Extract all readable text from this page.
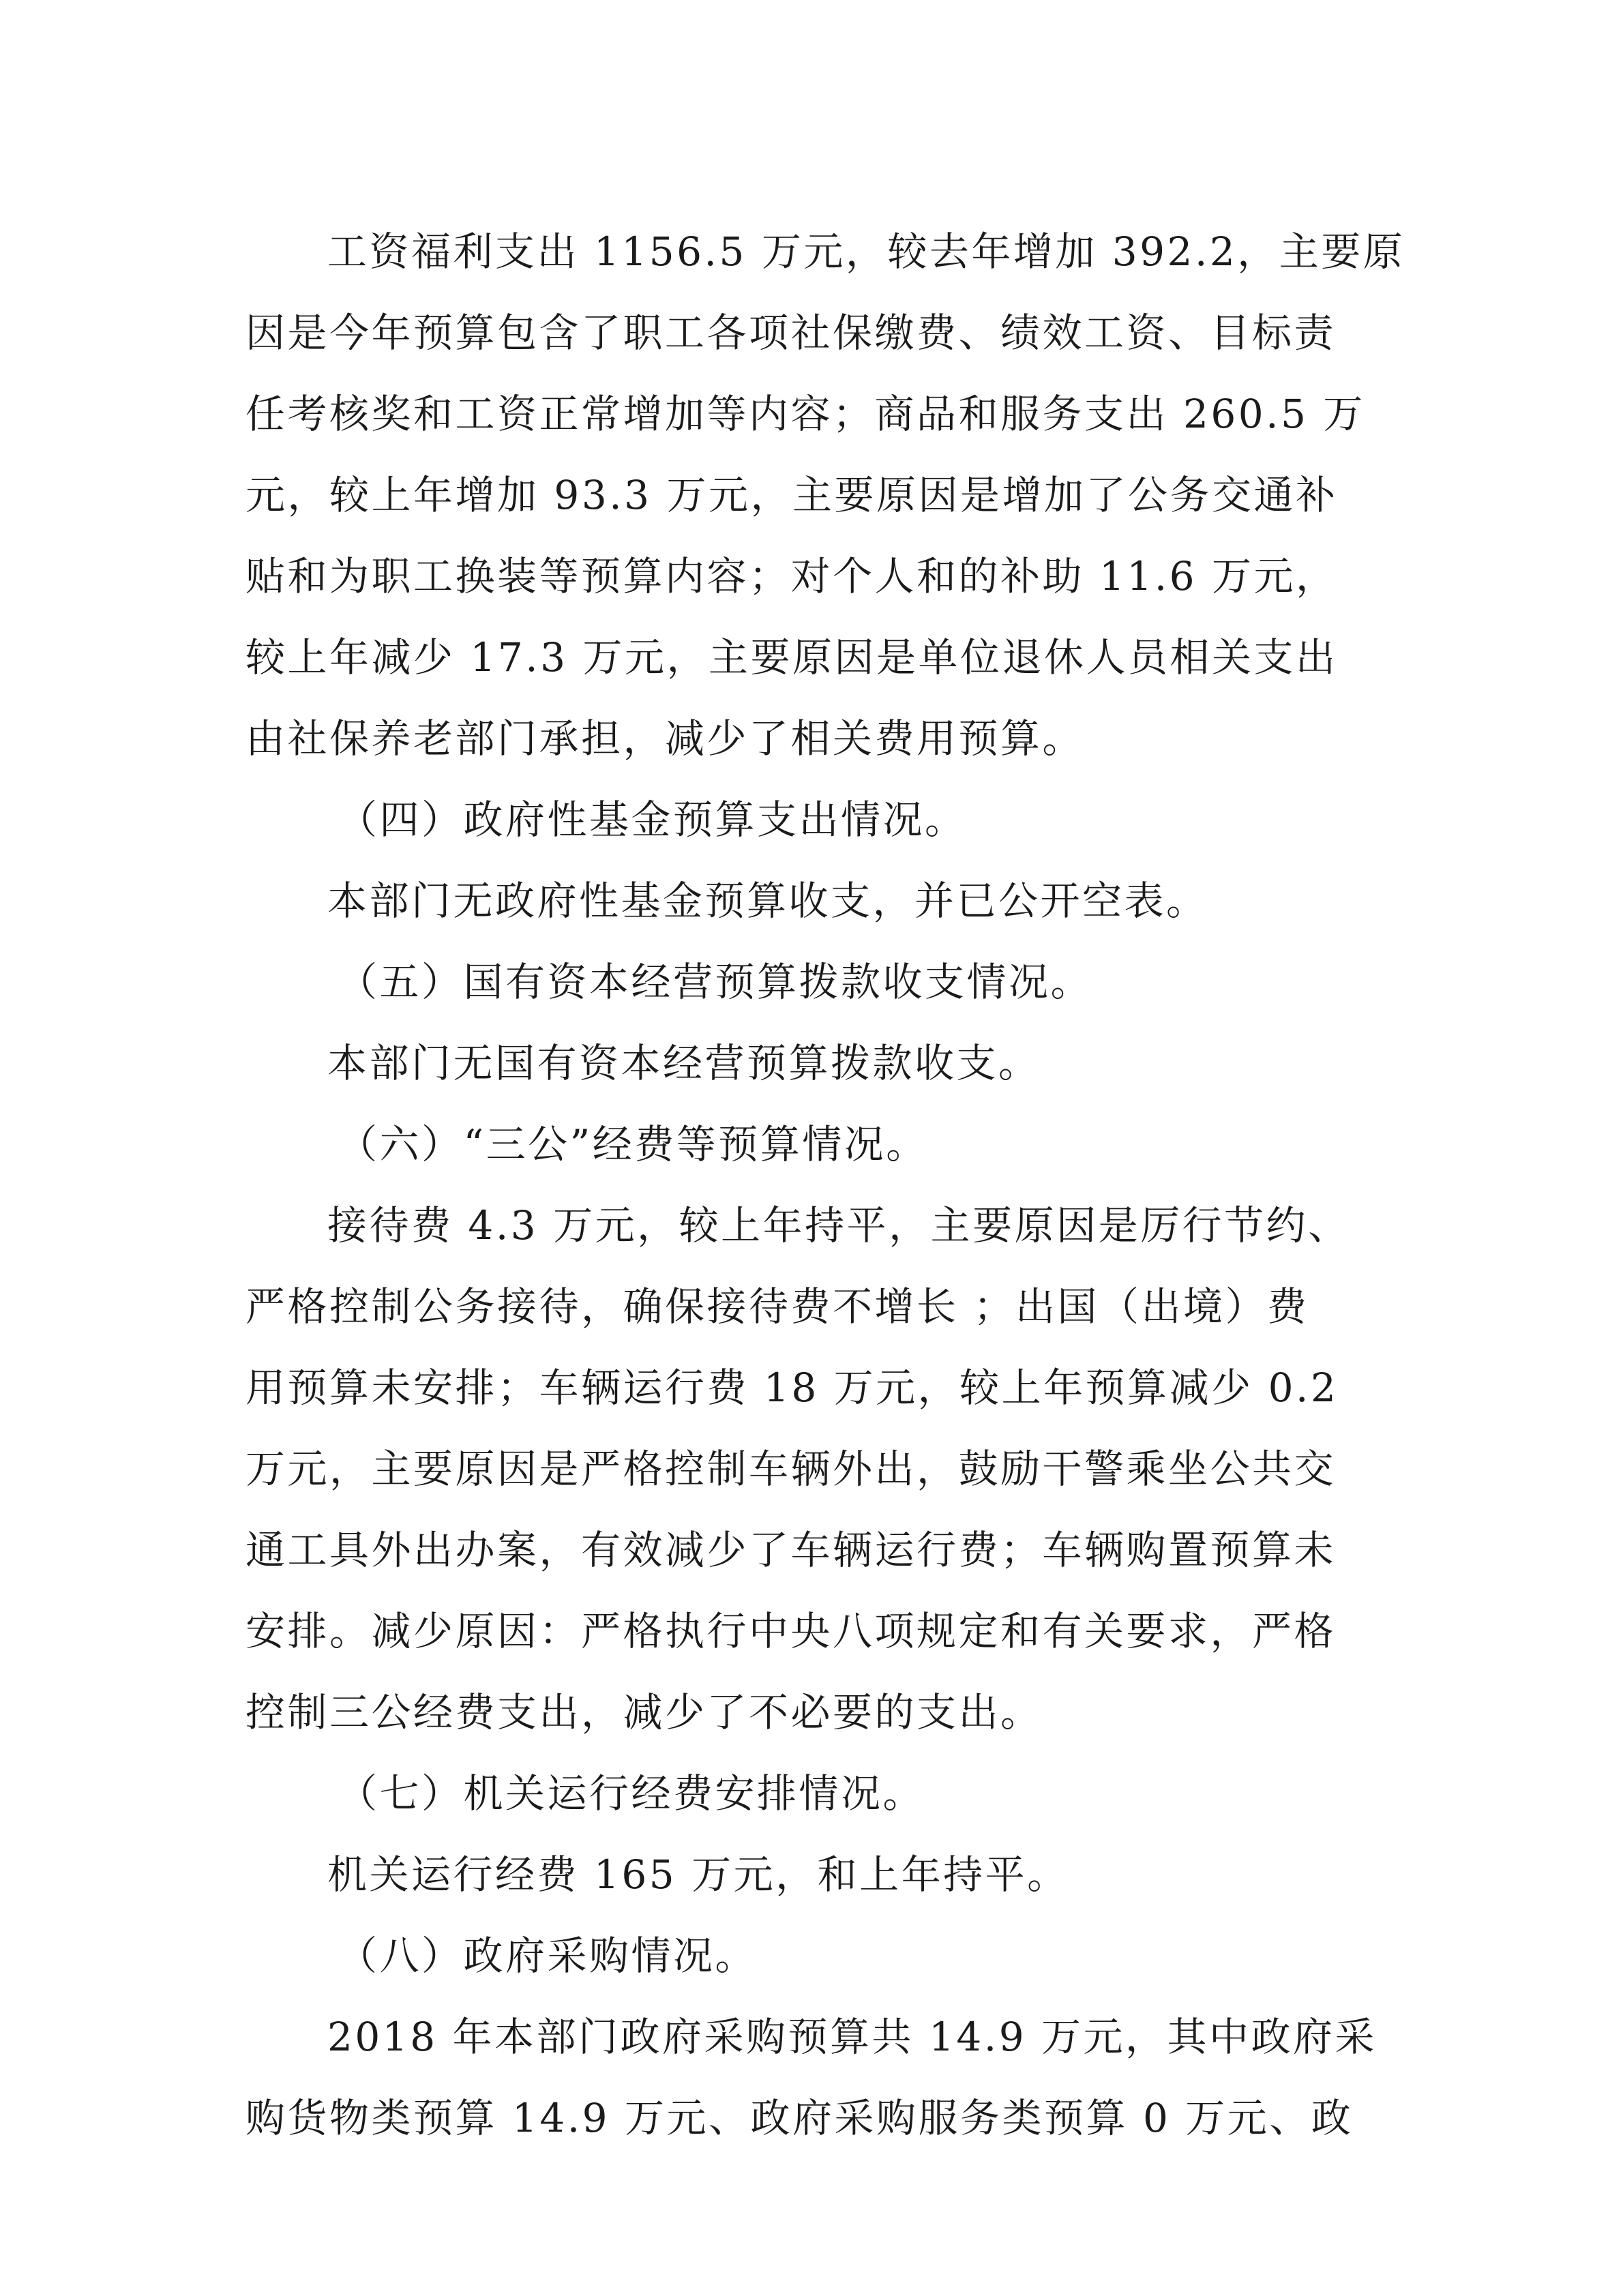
工资福利支出 1156.5 万元，较去年增加 392.2，主要原
因是今年预算包含了职工各项社保缴费、绩效工资、目标责
任考核奖和工资正常增加等内容；商品和服务支出 260.5 万
元，较上年增加 93.3 万元，主要原因是增加了公务交通补
贴和为职工换装等预算内容；对个人和的补助 11.6 万元，
较上年减少 17.3 万元，主要原因是单位退休人员相关支出
由社保养老部门承担，减少了相关费用预算。
（四）政府性基金预算支出情况。
本部门无政府性基金预算收支，并已公开空表。
（五）国有资本经营预算拨款收支情况。
本部门无国有资本经营预算拨款收支。
（六）“三公”经费等预算情况。
接待费 4.3 万元，较上年持平，主要原因是厉行节约、
严格控制公务接待，确保接待费不增长 ；出国（出境）费
用预算未安排；车辆运行费 18 万元，较上年预算减少 0.2
万元，主要原因是严格控制车辆外出，鼓励干警乘坐公共交
通工具外出办案，有效减少了车辆运行费；车辆购置预算未
安排。减少原因：严格执行中央八项规定和有关要求，严格
控制三公经费支出，减少了不必要的支出。
（七）机关运行经费安排情况。
机关运行经费 165 万元，和上年持平。
（八）政府采购情况。
2018 年本部门政府采购预算共 14.9 万元，其中政府采
购货物类预算 14.9 万元、政府采购服务类预算 0 万元、政
